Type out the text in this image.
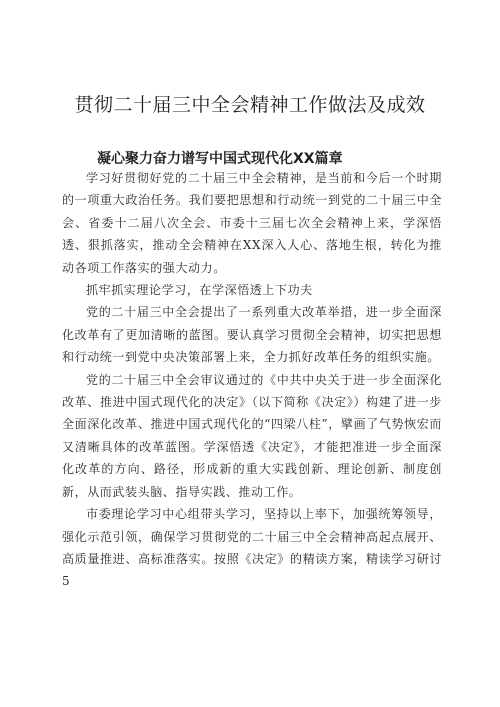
贯彻二十届三中全会精神工作做法及成效
凝心聚力奋力谱写中国式现代化XX篇章

学习好贯彻好党的二十届三中全会精神，是当前和今后一个时期的一项重大政治任务。我们要把思想和行动统一到党的二十届三中全会、省委十二届八次全会、市委十三届七次全会精神上来，学深悟透、狠抓落实，推动全会精神在XX深入人心、落地生根，转化为推动各项工作落实的强大动力。

抓牢抓实理论学习，在学深悟透上下功夫

党的二十届三中全会提出了一系列重大改革举措，进一步全面深化改革有了更加清晰的蓝图。要认真学习贯彻全会精神，切实把思想和行动统一到党中央决策部署上来，全力抓好改革任务的组织实施。

党的二十届三中全会审议通过的《中共中央关于进一步全面深化改革、推进中国式现代化的决定》（以下简称《决定》）构建了进一步全面深化改革、推进中国式现代化的“四梁八柱”，擘画了气势恢宏而又清晰具体的改革蓝图。学深悟透《决定》，才能把准进一步全面深化改革的方向、路径，形成新的重大实践创新、理论创新、制度创新，从而武装头脑、指导实践、推动工作。

市委理论学习中心组带头学习，坚持以上率下，加强统筹领导，强化示范引领，确保学习贯彻党的二十届三中全会精神高起点展开、高质量推进、高标准落实。按照《决定》的精读方案，精读学习研讨5
